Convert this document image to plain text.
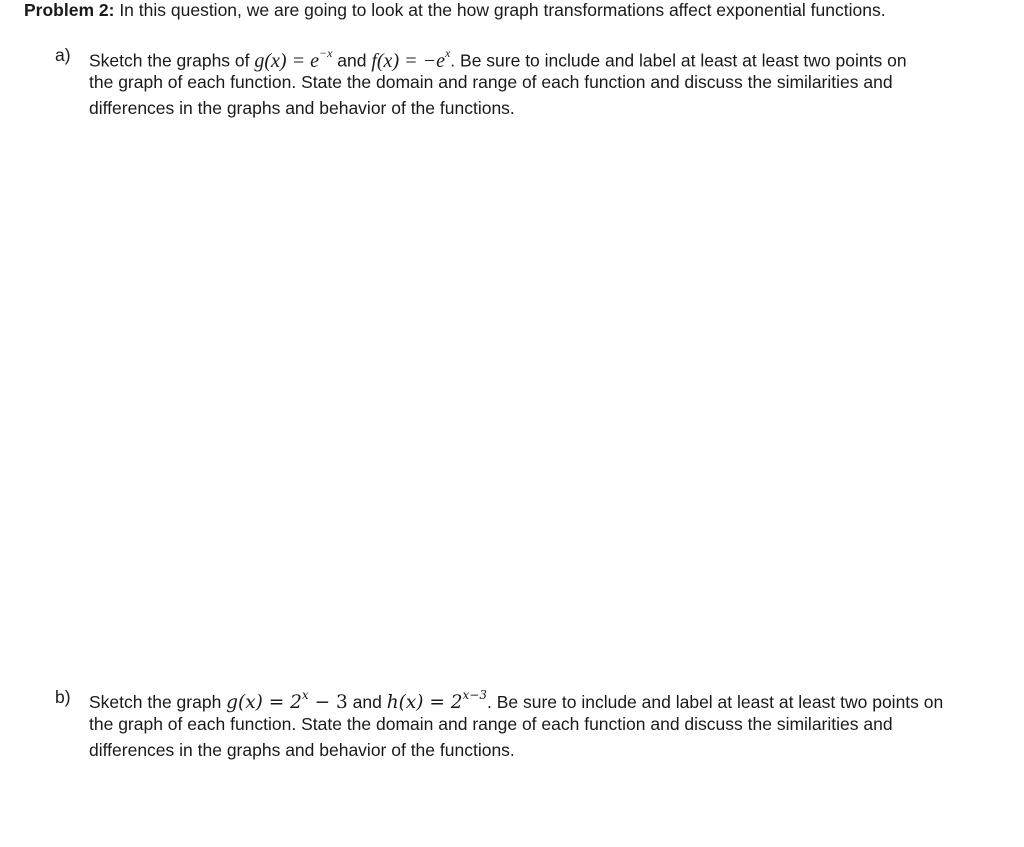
Problem 2: In this question, we are going to look at the how graph transformations affect exponential functions.
a) Sketch the graphs of $g(x) = e^{-x}$ and $f(x) = -e^x$. Be sure to include and label at least at least two points on
the graph of each function. State the domain and range of each function and discuss the similarities and
differences in the graphs and behavior of the functions.
b) Sketch the graph $g(x) = 2^x - 3$ and $h(x) = 2^{x-3}$. Be sure to include and label at least at least two points on
the graph of each function. State the domain and range of each function and discuss the similarities and
differences in the graphs and behavior of the functions.
